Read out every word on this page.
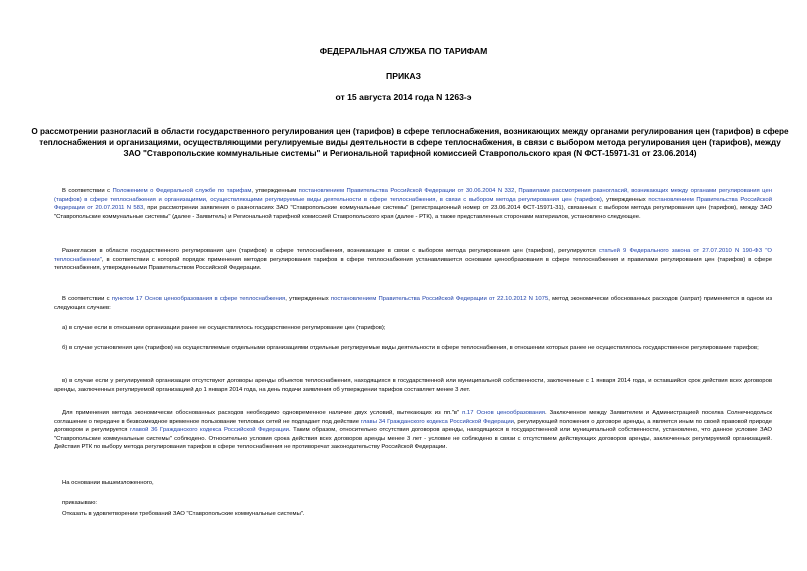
ФЕДЕРАЛЬНАЯ СЛУЖБА ПО ТАРИФАМ
ПРИКАЗ
от 15 августа 2014 года N 1263-э
О рассмотрении разногласий в области государственного регулирования цен (тарифов) в сфере теплоснабжения, возникающих между органами регулирования цен (тарифов) в сфере теплоснабжения и организациями, осуществляющими регулируемые виды деятельности в сфере теплоснабжения, в связи с выбором метода регулирования цен (тарифов), между ЗАО "Ставропольские коммунальные системы" и Региональной тарифной комиссией Ставропольского края (N ФСТ-15971-31 от 23.06.2014)
В соответствии с Положением о Федеральной службе по тарифам, утвержденным постановлением Правительства Российской Федерации от 30.06.2004 N 332, Правилами рассмотрения разногласий, возникающих между органами регулирования цен (тарифов) в сфере теплоснабжения и организациями, осуществляющими регулируемые виды деятельности в сфере теплоснабжения, в связи с выбором метода регулирования цен (тарифов), утвержденных постановлением Правительства Российской Федерации от 20.07.2011 N 583, при рассмотрении заявления о разногласиях ЗАО "Ставропольские коммунальные системы" (регистрационный номер от 23.06.2014 ФСТ-15971-31), связанных с выбором метода регулирования цен (тарифов), между ЗАО "Ставропольские коммунальные системы" (далее - Заявитель) и Региональной тарифной комиссией Ставропольского края (далее - РТК), а также представленных сторонами материалов, установлено следующее.
Разногласия в области государственного регулирования цен (тарифов) в сфере теплоснабжения, возникающие в связи с выбором метода регулирования цен (тарифов), регулируются статьей 9 Федерального закона от 27.07.2010 N 190-ФЗ "О теплоснабжении", в соответствии с которой порядок применения методов регулирования тарифов в сфере теплоснабжения устанавливается основами ценообразования в сфере теплоснабжения и правилами регулирования цен (тарифов) в сфере теплоснабжения, утвержденными Правительством Российской Федерации.
В соответствии с пунктом 17 Основ ценообразования в сфере теплоснабжения, утвержденных постановлением Правительства Российской Федерации от 22.10.2012 N 1075, метод экономически обоснованных расходов (затрат) применяется в одном из следующих случаев:
а) в случае если в отношении организации ранее не осуществлялось государственное регулирование цен (тарифов);
б) в случае установления цен (тарифов) на осуществляемые отдельными организациями отдельные регулируемые виды деятельности в сфере теплоснабжения, в отношении которых ранее не осуществлялось государственное регулирование тарифов;
в) в случае если у регулируемой организации отсутствуют договоры аренды объектов теплоснабжения, находящихся в государственной или муниципальной собственности, заключенные с 1 января 2014 года, и оставшийся срок действия всех договоров аренды, заключенных регулируемой организацией до 1 января 2014 года, на день подачи заявления об утверждении тарифов составляет менее 3 лет.
Для применения метода экономически обоснованных расходов необходимо одновременное наличие двух условий, вытекающих из пп."в" п.17 Основ ценообразования. Заключенное между Заявителем и Администрацией поселка Солнечнодольск соглашение о передаче в безвозмездное временное пользование тепловых сетей не подпадает под действие главы 34 Гражданского кодекса Российской Федерации, регулирующей положения о договоре аренды, а является иным по своей правовой природе договором и регулируется главой 36 Гражданского кодекса Российской Федерации. Таким образом, относительно отсутствия договоров аренды, находящихся в государственной или муниципальной собственности, установлено, что данное условие ЗАО "Ставропольские коммунальные системы" соблюдено. Относительно условия срока действия всех договоров аренды менее 3 лет - условие не соблюдено в связи с отсутствием действующих договоров аренды, заключенных регулируемой организацией. Действия РТК по выбору метода регулирования тарифов в сфере теплоснабжения не противоречат законодательству Российской Федерации.
На основании вышеизложенного,
приказываю:
Отказать в удовлетворении требований ЗАО "Ставропольские коммунальные системы".
